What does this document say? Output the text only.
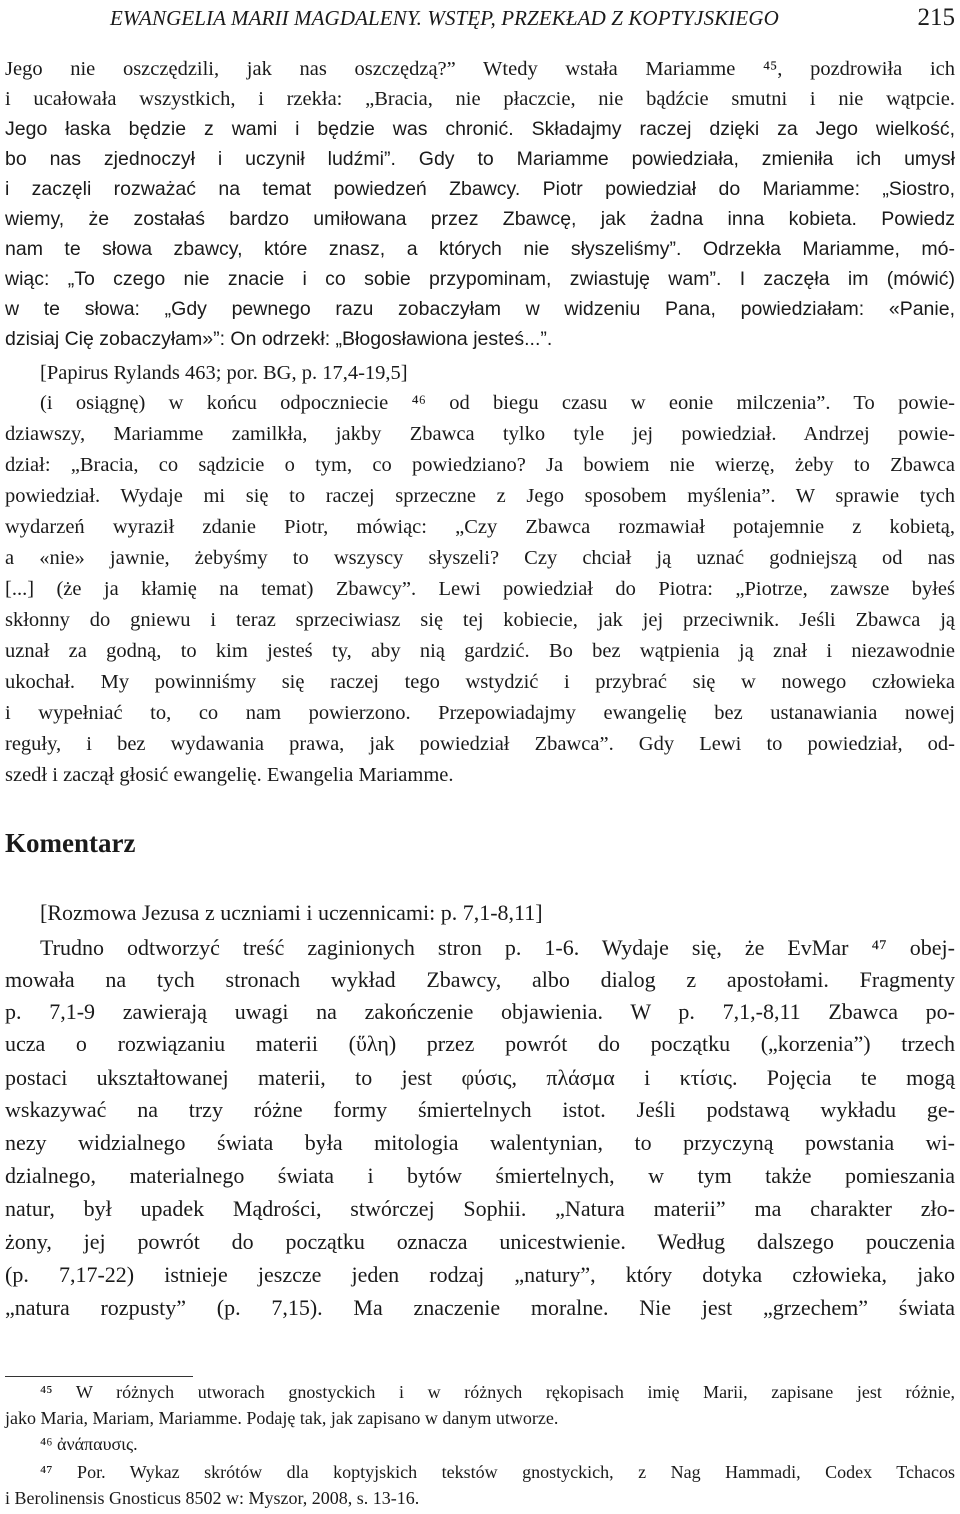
EWANGELIA MARII MAGDALENY. WSTĘP, PRZEKŁAD Z KOPTYJSKIEGO	215

Jego nie oszczędzili, jak nas oszczędzą?” Wtedy wstała Mariamme ⁴⁵, pozdrowiła ich

i ucałowała wszystkich, i rzekła: „Bracia, nie płaczcie, nie bądźcie smutni i nie wątpcie.

Jego łaska będzie z wami i będzie was chronić. Składajmy raczej dzięki za Jego wielkość,

bo nas zjednoczył i uczynił ludźmi”. Gdy to Mariamme powiedziała, zmieniła ich umysł

i zaczęli rozważać na temat powiedzeń Zbawcy. Piotr powiedział do Mariamme: „Siostro,

wiemy, że zostałaś bardzo umiłowana przez Zbawcę, jak żadna inna kobieta. Powiedz

nam te słowa zbawcy, które znasz, a których nie słyszeliśmy”. Odrzekła Mariamme, mó-

wiąc: „To czego nie znacie i co sobie przypominam, zwiastuję wam”. I zaczęła im (mówić)

w te słowa: „Gdy pewnego razu zobaczyłam w widzeniu Pana, powiedziałam: «Panie,

dzisiaj Cię zobaczyłam»”: On odrzekł: „Błogosławiona jesteś...”.

[Papirus Rylands 463; por. BG, p. 17,4-19,5]

(i osiągnę) w końcu odpoczniecie ⁴⁶ od biegu czasu w eonie milczenia”. To powie-

dziawszy, Mariamme zamilkła, jakby Zbawca tylko tyle jej powiedział. Andrzej powie-

dział: „Bracia, co sądzicie o tym, co powiedziano? Ja bowiem nie wierzę, żeby to Zbawca

powiedział. Wydaje mi się to raczej sprzeczne z Jego sposobem myślenia”. W sprawie tych

wydarzeń wyraził zdanie Piotr, mówiąc: „Czy Zbawca rozmawiał potajemnie z kobietą,

a «nie» jawnie, żebyśmy to wszyscy słyszeli? Czy chciał ją uznać godniejszą od nas

[...] (że ja kłamię na temat) Zbawcy”. Lewi powiedział do Piotra: „Piotrze, zawsze byłeś

skłonny do gniewu i teraz sprzeciwiasz się tej kobiecie, jak jej przeciwnik. Jeśli Zbawca ją

uznał za godną, to kim jesteś ty, aby nią gardzić. Bo bez wątpienia ją znał i niezawodnie

ukochał. My powinniśmy się raczej tego wstydzić i przybrać się w nowego człowieka

i wypełniać to, co nam powierzono. Przepowiadajmy ewangelię bez ustanawiania nowej

reguły, i bez wydawania prawa, jak powiedział Zbawca”. Gdy Lewi to powiedział, od-

szedł i zaczął głosić ewangelię. Ewangelia Mariamme.

Komentarz

[Rozmowa Jezusa z uczniami i uczennicami: p. 7,1-8,11]

Trudno odtworzyć treść zaginionych stron p. 1-6. Wydaje się, że EvMar ⁴⁷ obej-

mowała na tych stronach wykład Zbawcy, albo dialog z apostołami. Fragmenty

p. 7,1-9 zawierają uwagi na zakończenie objawienia. W p. 7,1,-8,11 Zbawca po-

ucza o rozwiązaniu materii (ὕλη) przez powrót do początku („korzenia”) trzech

postaci ukształtowanej materii, to jest φύσις, πλάσμα i κτίσις. Pojęcia te mogą

wskazywać na trzy różne formy śmiertelnych istot. Jeśli podstawą wykładu ge-

nezy widzialnego świata była mitologia walentynian, to przyczyną powstania wi-

dzialnego, materialnego świata i bytów śmiertelnych, w tym także pomieszania

natur, był upadek Mądrości, stwórczej Sophii. „Natura materii” ma charakter zło-

żony, jej powrót do początku oznacza unicestwienie. Według dalszego pouczenia

(p. 7,17-22) istnieje jeszcze jeden rodzaj „natury”, który dotyka człowieka, jako

„natura rozpusty” (p. 7,15). Ma znaczenie moralne. Nie jest „grzechem” świata

⁴⁵ W różnych utworach gnostyckich i w różnych rękopisach imię Marii, zapisane jest różnie,

jako Maria, Mariam, Mariamme. Podaję tak, jak zapisano w danym utworze.

⁴⁶ ἀνάπαυσις.

⁴⁷ Por. Wykaz skrótów dla koptyjskich tekstów gnostyckich, z Nag Hammadi, Codex Tchacos

i Berolinensis Gnosticus 8502 w: Myszor, 2008, s. 13-16.
